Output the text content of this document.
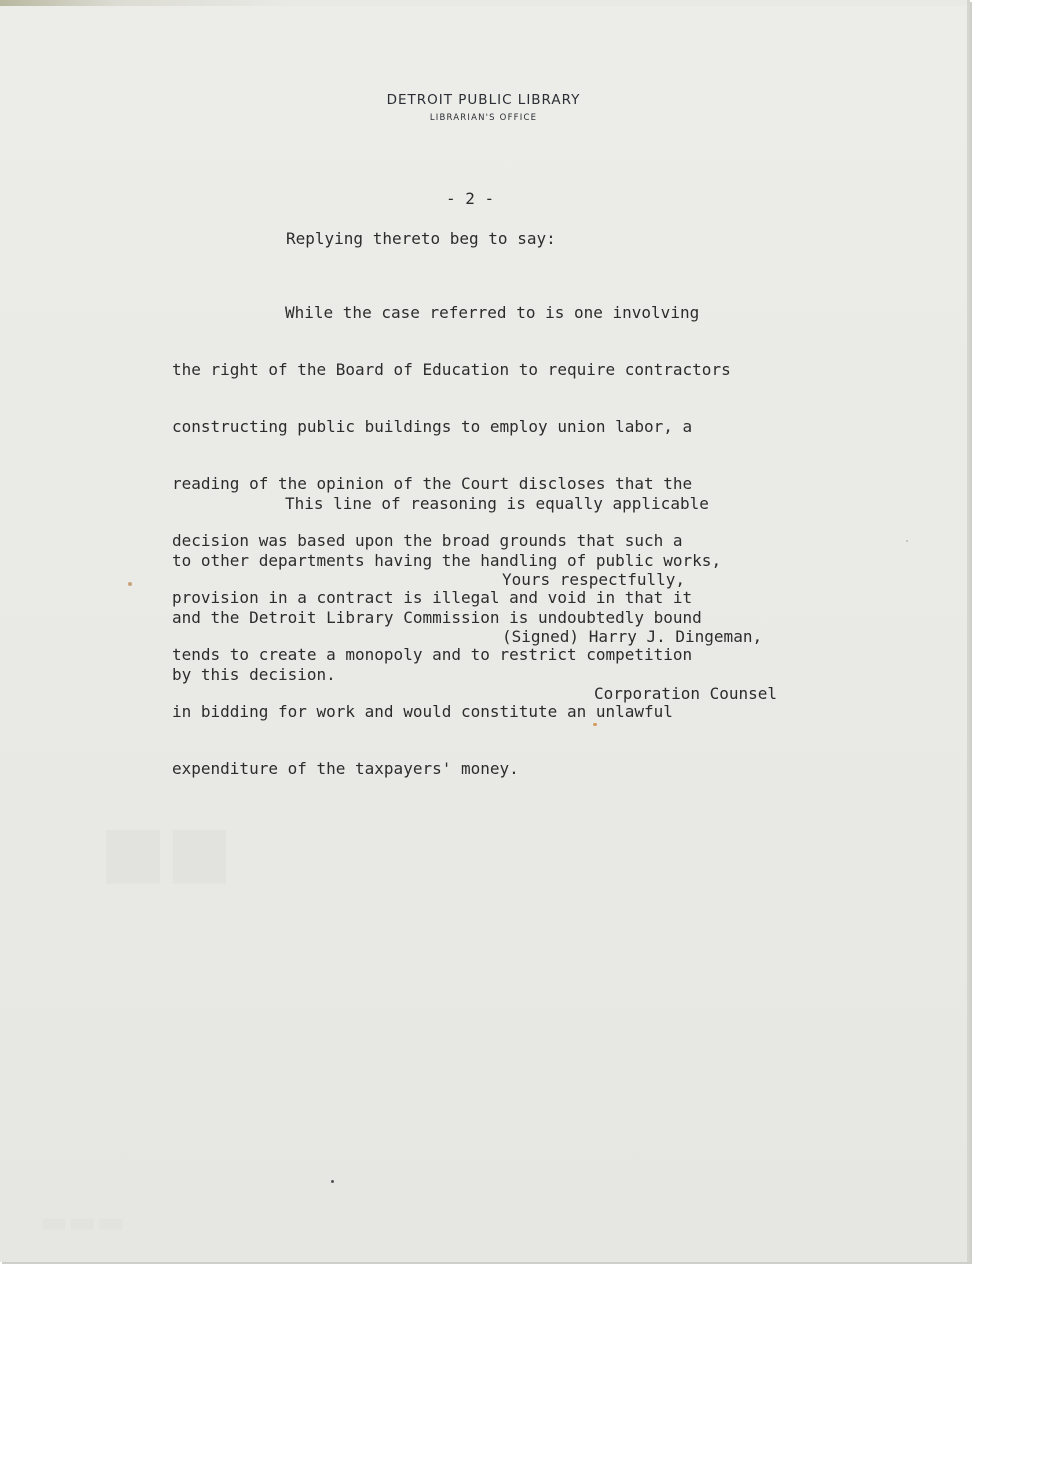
DETROIT PUBLIC LIBRARY
LIBRARIAN'S OFFICE
- 2 -
Replying thereto beg to say:

While the case referred to is one involving

the right of the Board of Education to require contractors

constructing public buildings to employ union labor, a

reading of the opinion of the Court discloses that the

decision was based upon the broad grounds that such a

provision in a contract is illegal and void in that it

tends to create a monopoly and to restrict competition

in bidding for work and would constitute an unlawful

expenditure of the taxpayers' money.

This line of reasoning is equally applicable

to other departments having the handling of public works,

and the Detroit Library Commission is undoubtedly bound

by this decision.

Yours respectfully,

(Signed) Harry J. Dingeman,

Corporation Counsel

■■
▬▬▬
